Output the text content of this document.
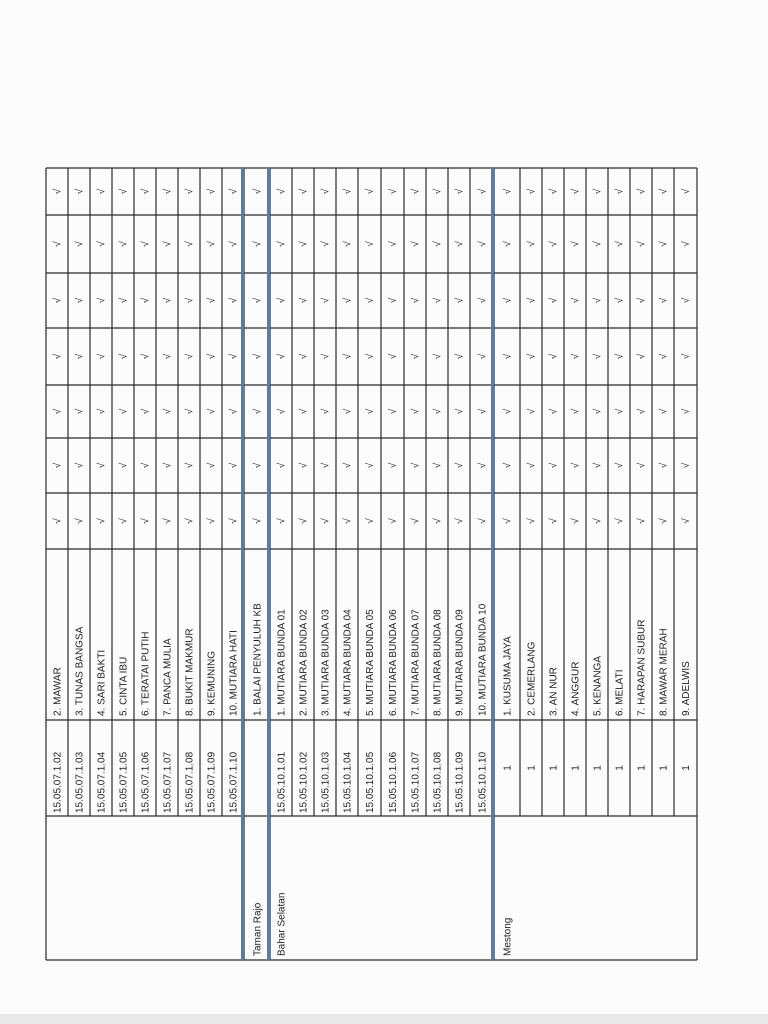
15.05.07.1.02
2. MAWAR
√
√
√
√
√
√
√
15.05.07.1.03
3. TUNAS BANGSA
√
√
√
√
√
√
√
15.05.07.1.04
4. SARI BAKTI
√
√
√
√
√
√
√
15.05.07.1.05
5. CINTA IBU
√
√
√
√
√
√
√
15.05.07.1.06
6. TERATAI PUTIH
√
√
√
√
√
√
√
15.05.07.1.07
7. PANCA MULIA
√
√
√
√
√
√
√
15.05.07.1.08
8. BUKIT MAKMUR
√
√
√
√
√
√
√
15.05.07.1.09
9. KEMUNING
√
√
√
√
√
√
√
15.05.07.1.10
10. MUTIARA HATI
√
√
√
√
√
√
√
Taman Rajo
1. BALAI PENYULUH KB
√
√
√
√
√
√
√
Bahar Selatan
15.05.10.1.01
1. MUTIARA BUNDA 01
√
√
√
√
√
√
√
15.05.10.1.02
2. MUTIARA BUNDA 02
√
√
√
√
√
√
√
15.05.10.1.03
3. MUTIARA BUNDA 03
√
√
√
√
√
√
√
15.05.10.1.04
4. MUTIARA BUNDA 04
√
√
√
√
√
√
√
15.05.10.1.05
5. MUTIARA BUNDA 05
√
√
√
√
√
√
√
15.05.10.1.06
6. MUTIARA BUNDA 06
√
√
√
√
√
√
√
15.05.10.1.07
7. MUTIARA BUNDA 07
√
√
√
√
√
√
√
15.05.10.1.08
8. MUTIARA BUNDA 08
√
√
√
√
√
√
√
15.05.10.1.09
9. MUTIARA BUNDA 09
√
√
√
√
√
√
√
15.05.10.1.10
10. MUTIARA BUNDA 10
√
√
√
√
√
√
√
Mestong
1
1. KUSUMA JAYA
√
√
√
√
√
√
√
1
2. CEMERLANG
√
√
√
√
√
√
√
1
3. AN NUR
√
√
√
√
√
√
√
1
4. ANGGUR
√
√
√
√
√
√
√
1
5. KENANGA
√
√
√
√
√
√
√
1
6. MELATI
√
√
√
√
√
√
√
1
7. HARAPAN SUBUR
√
√
√
√
√
√
√
1
8. MAWAR MERAH
√
√
√
√
√
√
√
1
9. ADELWIS
√
√
√
√
√
√
√
